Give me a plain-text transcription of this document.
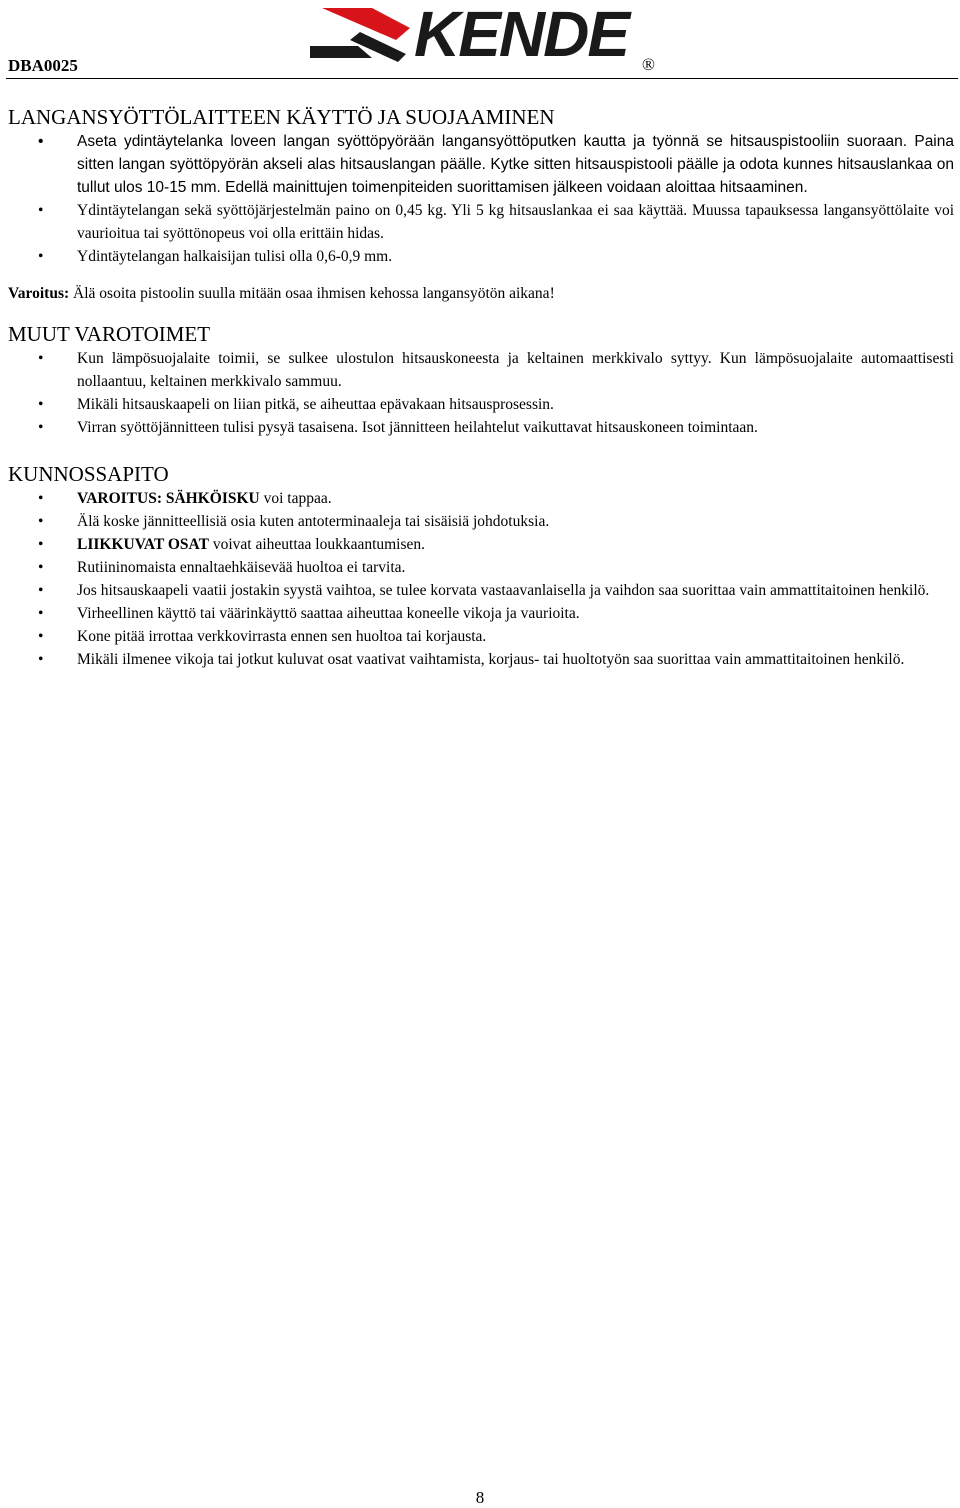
DBA0025	KENDE ®
LANGANSYÖTTÖLAITTEEN KÄYTTÖ JA SUOJAAMINEN
• Aseta ydintäytelanka loveen langan syöttöpyörään langansyöttöputken kautta ja työnnä se hitsauspistooliin suoraan. Paina sitten langan syöttöpyörän akseli alas hitsauslangan päälle. Kytke sitten hitsauspistooli päälle ja odota kunnes hitsauslankaa on tullut ulos 10-15 mm. Edellä mainittujen toimenpiteiden suorittamisen jälkeen voidaan aloittaa hitsaaminen.
• Ydintäytelangan sekä syöttöjärjestelmän paino on 0,45 kg. Yli 5 kg hitsauslankaa ei saa käyttää. Muussa tapauksessa langansyöttölaite voi vaurioitua tai syöttönopeus voi olla erittäin hidas.
• Ydintäytelangan halkaisijan tulisi olla 0,6-0,9 mm.
Varoitus: Älä osoita pistoolin suulla mitään osaa ihmisen kehossa langansyötön aikana!
MUUT VAROTOIMET
• Kun lämpösuojalaite toimii, se sulkee ulostulon hitsauskoneesta ja keltainen merkkivalo syttyy. Kun lämpösuojalaite automaattisesti nollaantuu, keltainen merkkivalo sammuu.
• Mikäli hitsauskaapeli on liian pitkä, se aiheuttaa epävakaan hitsausprosessin.
• Virran syöttöjännitteen tulisi pysyä tasaisena. Isot jännitteen heilahtelut vaikuttavat hitsauskoneen toimintaan.
KUNNOSSAPITO
• VAROITUS: SÄHKÖISKU voi tappaa.
• Älä koske jännitteellisiä osia kuten antoterminaaleja tai sisäisiä johdotuksia.
• LIIKKUVAT OSAT voivat aiheuttaa loukkaantumisen.
• Rutiininomaista ennaltaehkäisevää huoltoa ei tarvita.
• Jos hitsauskaapeli vaatii jostakin syystä vaihtoa, se tulee korvata vastaavanlaisella ja vaihdon saa suorittaa vain ammattitaitoinen henkilö.
• Virheellinen käyttö tai väärinkäyttö saattaa aiheuttaa koneelle vikoja ja vaurioita.
• Kone pitää irrottaa verkkovirrasta ennen sen huoltoa tai korjausta.
• Mikäli ilmenee vikoja tai jotkut kuluvat osat vaativat vaihtamista, korjaus- tai huoltotyön saa suorittaa vain ammattitaitoinen henkilö.
8
